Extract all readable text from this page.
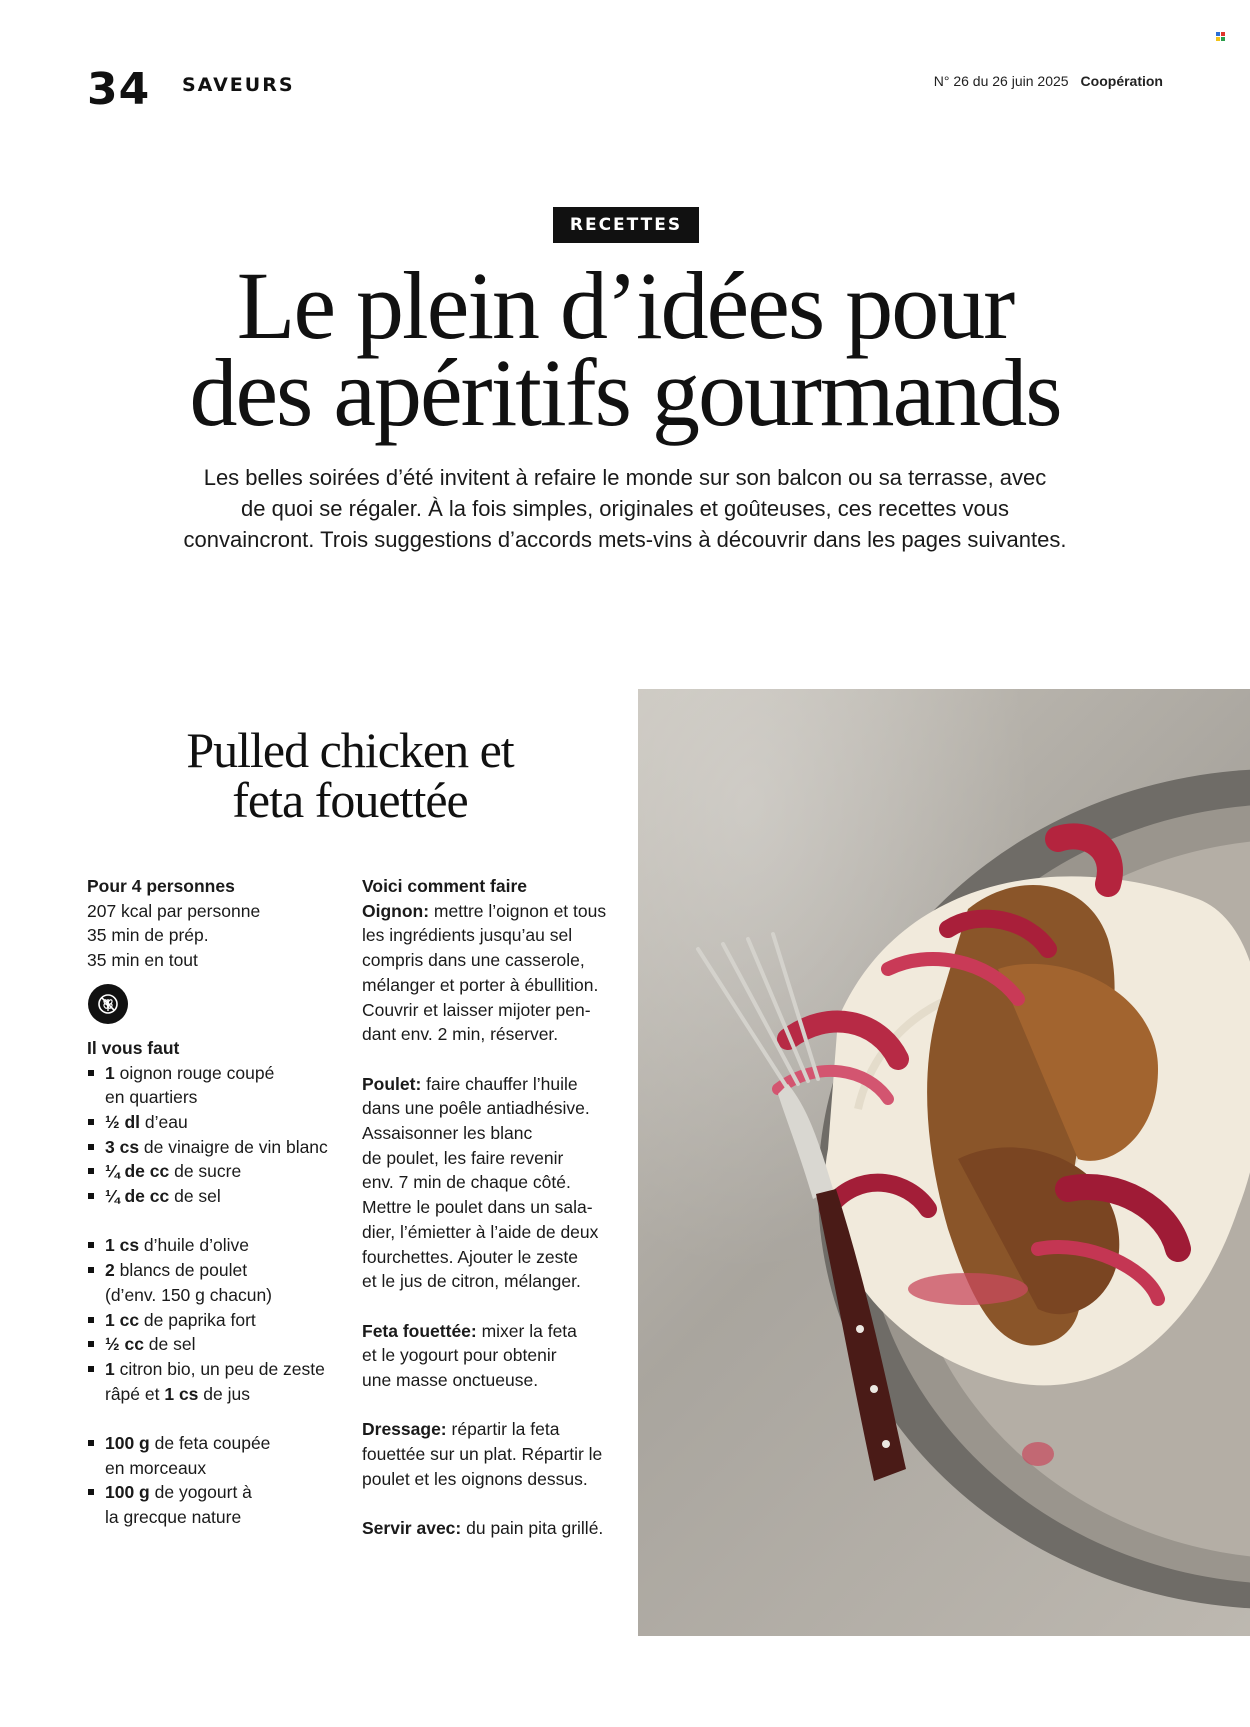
34 SAVEURS	N° 26 du 26 juin 2025 Coopération
RECETTES
Le plein d’idées pour
des apéritifs gourmands

Les belles soirées d’été invitent à refaire le monde sur son balcon ou sa terrasse, avec
de quoi se régaler. À la fois simples, originales et goûteuses, ces recettes vous
convaincront. Trois suggestions d’accords mets-vins à découvrir dans les pages suivantes.

Pulled chicken et
feta fouettée
Pour 4 personnes
207 kcal par personne
35 min de prép.
35 min en tout
Il vous faut
1 oignon rouge coupé
en quartiers
½ dl d’eau
3 cs de vinaigre de vin blanc
¼ de cc de sucre
¼ de cc de sel
1 cs d’huile d’olive
2 blancs de poulet
(d’env. 150 g chacun)
1 cc de paprika fort
½ cc de sel
1 citron bio, un peu de zeste
râpé et 1 cs de jus
100 g de feta coupée
en morceaux
100 g de yogourt à
la grecque nature
Voici comment faire

Oignon: mettre l’oignon et tous
les ingrédients jusqu’au sel
compris dans une casserole,
mélanger et porter à ébullition.
Couvrir et laisser mijoter pen-
dant env. 2 min, réserver.

Poulet: faire chauffer l’huile
dans une poêle antiadhésive.
Assaisonner les blanc
de poulet, les faire revenir
env. 7 min de chaque côté.
Mettre le poulet dans un sala-
dier, l’émietter à l’aide de deux
fourchettes. Ajouter le zeste
et le jus de citron, mélanger.

Feta fouettée: mixer la feta
et le yogourt pour obtenir
une masse onctueuse.

Dressage: répartir la feta
fouettée sur un plat. Répartir le
poulet et les oignons dessus.

Servir avec: du pain pita grillé.
